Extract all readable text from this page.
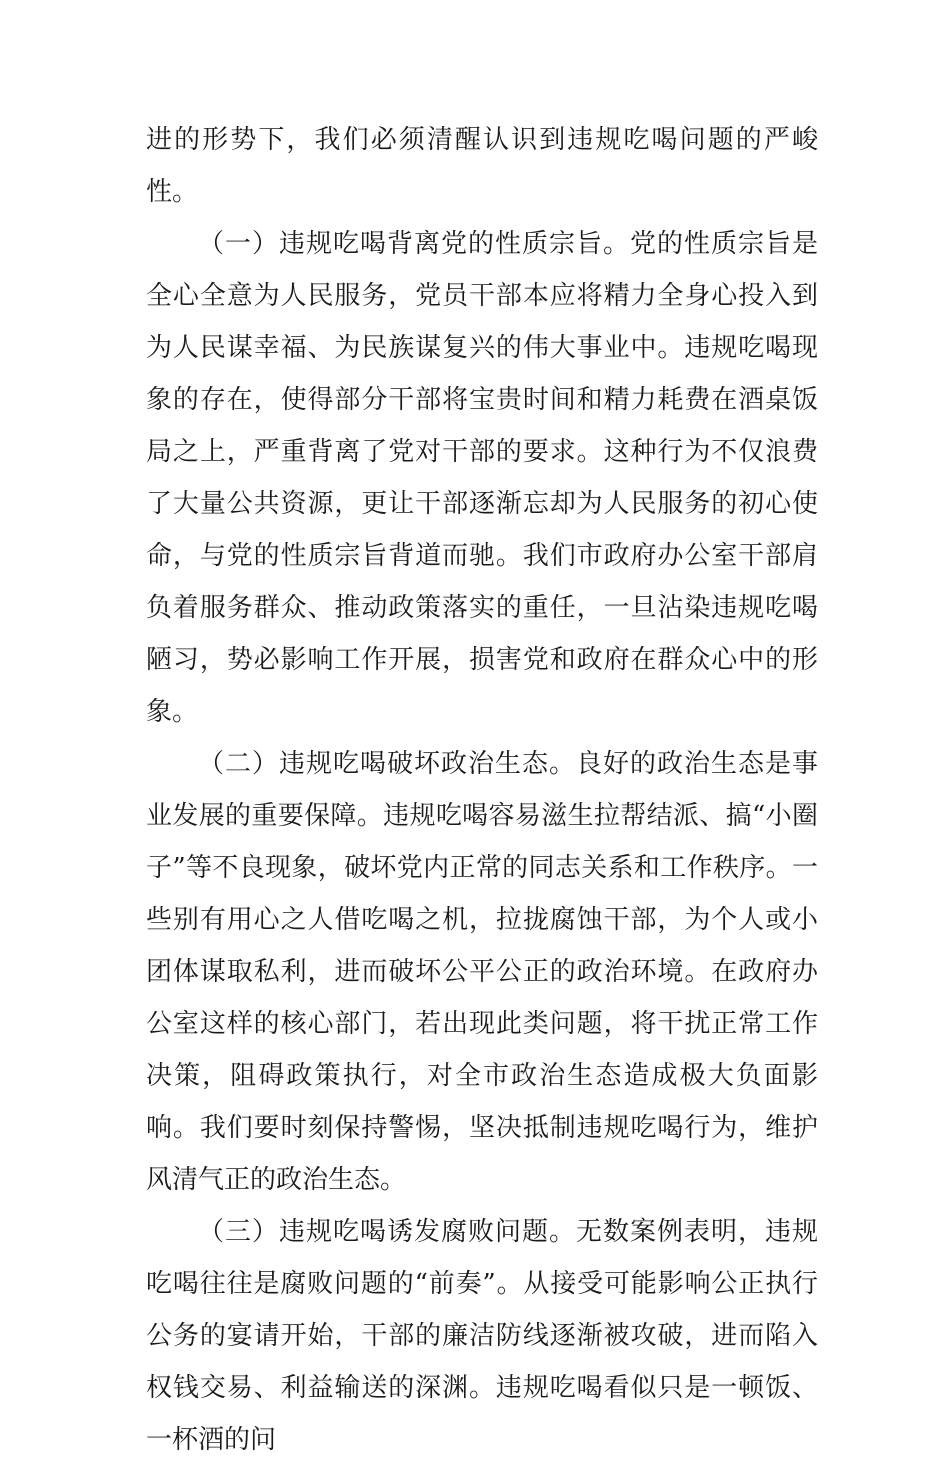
进的形势下，我们必须清醒认识到违规吃喝问题的严峻性。

（一）违规吃喝背离党的性质宗旨。党的性质宗旨是全心全意为人民服务，党员干部本应将精力全身心投入到为人民谋幸福、为民族谋复兴的伟大事业中。违规吃喝现象的存在，使得部分干部将宝贵时间和精力耗费在酒桌饭局之上，严重背离了党对干部的要求。这种行为不仅浪费了大量公共资源，更让干部逐渐忘却为人民服务的初心使命，与党的性质宗旨背道而驰。我们市政府办公室干部肩负着服务群众、推动政策落实的重任，一旦沾染违规吃喝陋习，势必影响工作开展，损害党和政府在群众心中的形象。

（二）违规吃喝破坏政治生态。良好的政治生态是事业发展的重要保障。违规吃喝容易滋生拉帮结派、搞“小圈子”等不良现象，破坏党内正常的同志关系和工作秩序。一些别有用心之人借吃喝之机，拉拢腐蚀干部，为个人或小团体谋取私利，进而破坏公平公正的政治环境。在政府办公室这样的核心部门，若出现此类问题，将干扰正常工作决策，阻碍政策执行，对全市政治生态造成极大负面影响。我们要时刻保持警惕，坚决抵制违规吃喝行为，维护风清气正的政治生态。

（三）违规吃喝诱发腐败问题。无数案例表明，违规吃喝往往是腐败问题的“前奏”。从接受可能影响公正执行公务的宴请开始，干部的廉洁防线逐渐被攻破，进而陷入权钱交易、利益输送的深渊。违规吃喝看似只是一顿饭、一杯酒的问
